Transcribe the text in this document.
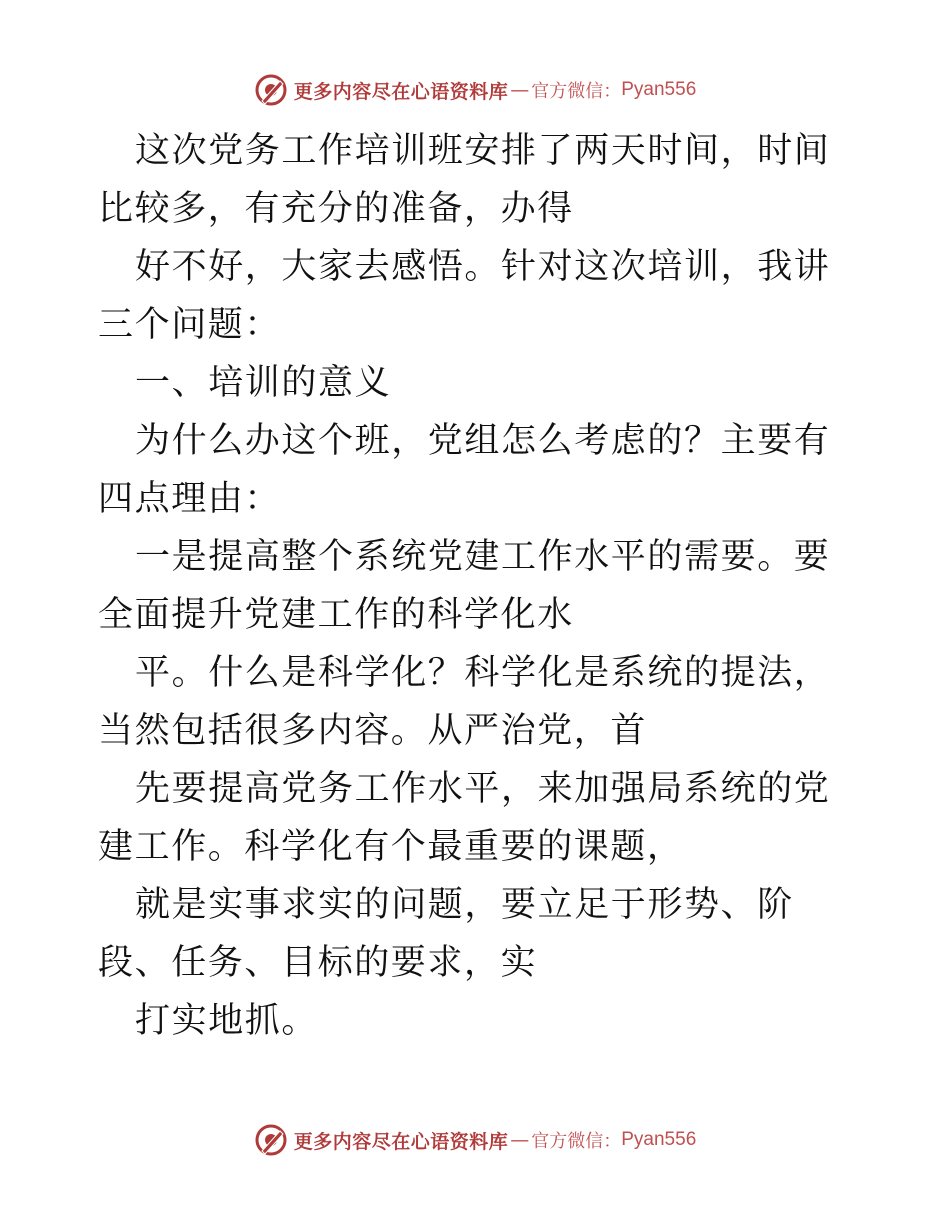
更多内容尽在心语资料库 — 官方微信： Pyan556

这次党务工作培训班安排了两天时间，时间比较多，有充分的准备，办得

好不好，大家去感悟。针对这次培训，我讲三个问题：

一、培训的意义

为什么办这个班，党组怎么考虑的？主要有四点理由：

一是提高整个系统党建工作水平的需要。要全面提升党建工作的科学化水

平。什么是科学化？科学化是系统的提法，当然包括很多内容。从严治党，首

先要提高党务工作水平，来加强局系统的党建工作。科学化有个最重要的课题，

就是实事求实的问题，要立足于形势、阶段、任务、目标的要求，实

打实地抓。

更多内容尽在心语资料库 — 官方微信： Pyan556
